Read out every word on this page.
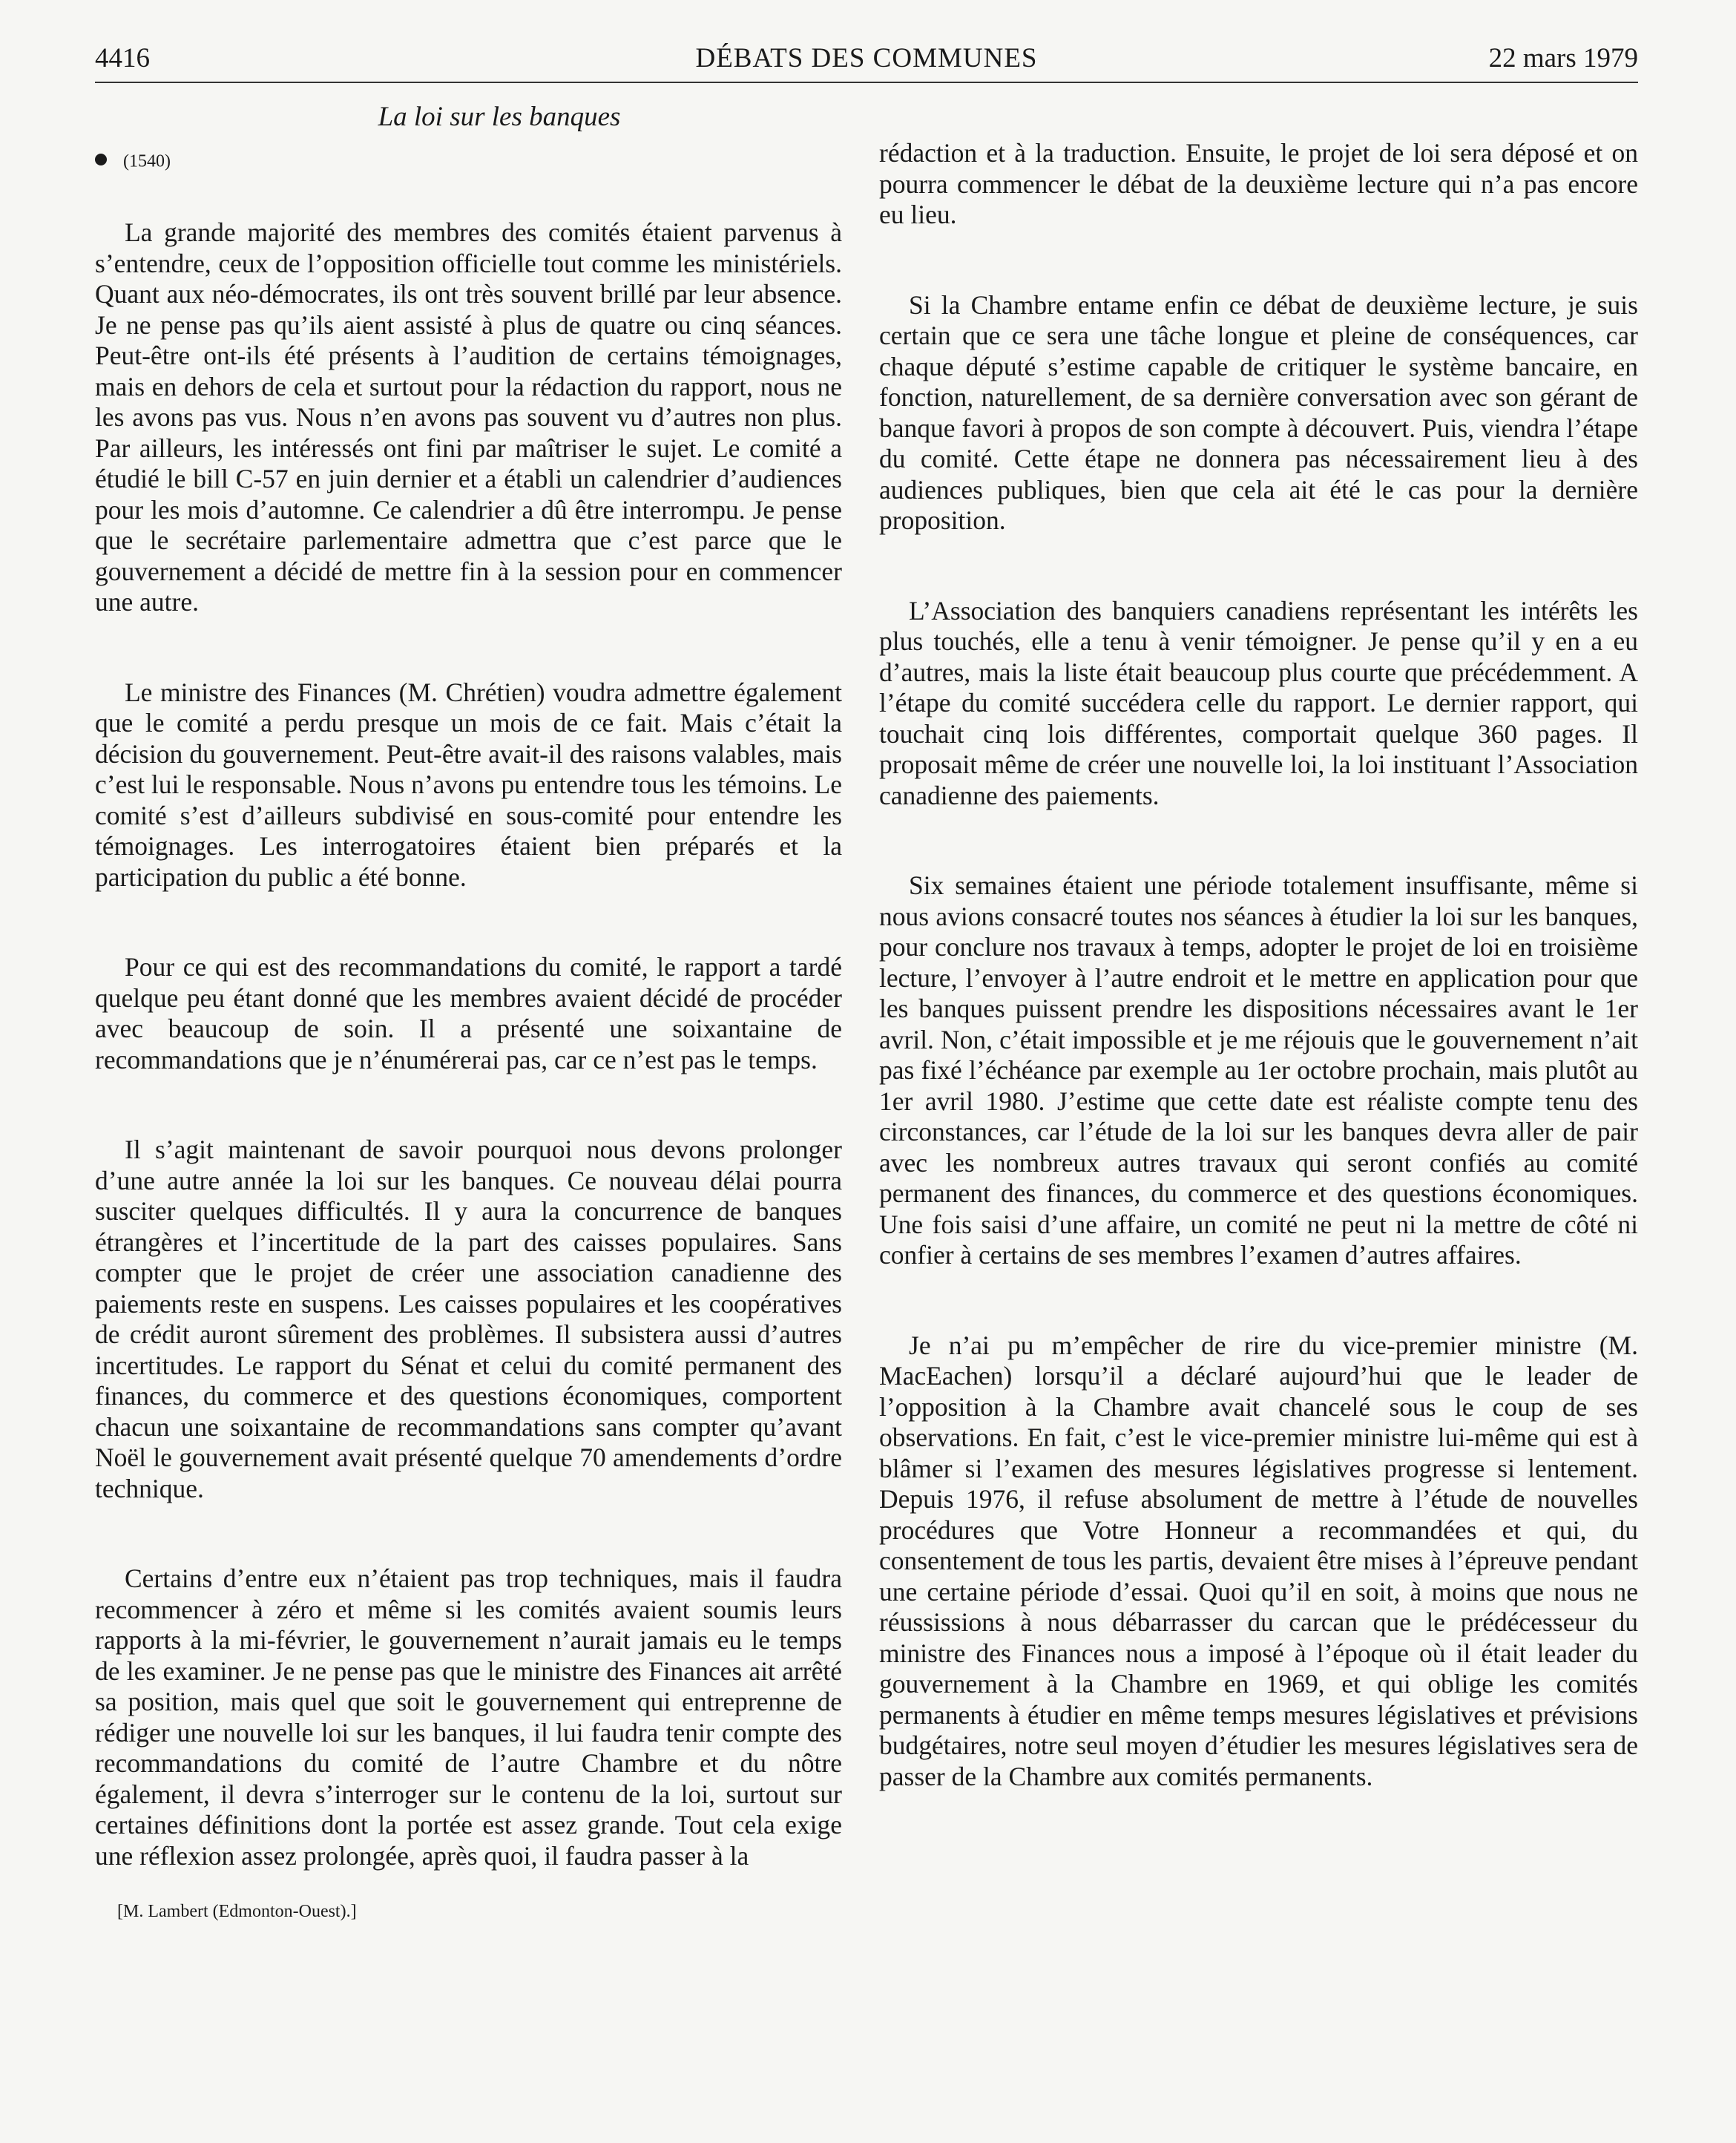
4416	DÉBATS DES COMMUNES	22 mars 1979
La loi sur les banques
(1540)

La grande majorité des membres des comités étaient parvenus à s’entendre, ceux de l’opposition officielle tout comme les ministériels. Quant aux néo-démocrates, ils ont très souvent brillé par leur absence. Je ne pense pas qu’ils aient assisté à plus de quatre ou cinq séances. Peut-être ont-ils été présents à l’audition de certains témoignages, mais en dehors de cela et surtout pour la rédaction du rapport, nous ne les avons pas vus. Nous n’en avons pas souvent vu d’autres non plus. Par ailleurs, les intéressés ont fini par maîtriser le sujet. Le comité a étudié le bill C-57 en juin dernier et a établi un calendrier d’audiences pour les mois d’automne. Ce calendrier a dû être interrompu. Je pense que le secrétaire parlementaire admettra que c’est parce que le gouvernement a décidé de mettre fin à la session pour en commencer une autre.

Le ministre des Finances (M. Chrétien) voudra admettre également que le comité a perdu presque un mois de ce fait. Mais c’était la décision du gouvernement. Peut-être avait-il des raisons valables, mais c’est lui le responsable. Nous n’avons pu entendre tous les témoins. Le comité s’est d’ailleurs subdivisé en sous-comité pour entendre les témoignages. Les interrogatoires étaient bien préparés et la participation du public a été bonne.

Pour ce qui est des recommandations du comité, le rapport a tardé quelque peu étant donné que les membres avaient décidé de procéder avec beaucoup de soin. Il a présenté une soixantaine de recommandations que je n’énumérerai pas, car ce n’est pas le temps.

Il s’agit maintenant de savoir pourquoi nous devons prolonger d’une autre année la loi sur les banques. Ce nouveau délai pourra susciter quelques difficultés. Il y aura la concurrence de banques étrangères et l’incertitude de la part des caisses populaires. Sans compter que le projet de créer une association canadienne des paiements reste en suspens. Les caisses populaires et les coopératives de crédit auront sûrement des problèmes. Il subsistera aussi d’autres incertitudes. Le rapport du Sénat et celui du comité permanent des finances, du commerce et des questions économiques, comportent chacun une soixantaine de recommandations sans compter qu’avant Noël le gouvernement avait présenté quelque 70 amendements d’ordre technique.

Certains d’entre eux n’étaient pas trop techniques, mais il faudra recommencer à zéro et même si les comités avaient soumis leurs rapports à la mi-février, le gouvernement n’aurait jamais eu le temps de les examiner. Je ne pense pas que le ministre des Finances ait arrêté sa position, mais quel que soit le gouvernement qui entreprenne de rédiger une nouvelle loi sur les banques, il lui faudra tenir compte des recommandations du comité de l’autre Chambre et du nôtre également, il devra s’interroger sur le contenu de la loi, surtout sur certaines définitions dont la portée est assez grande. Tout cela exige une réflexion assez prolongée, après quoi, il faudra passer à la

[M. Lambert (Edmonton-Ouest).]

rédaction et à la traduction. Ensuite, le projet de loi sera déposé et on pourra commencer le débat de la deuxième lecture qui n’a pas encore eu lieu.

Si la Chambre entame enfin ce débat de deuxième lecture, je suis certain que ce sera une tâche longue et pleine de conséquences, car chaque député s’estime capable de critiquer le système bancaire, en fonction, naturellement, de sa dernière conversation avec son gérant de banque favori à propos de son compte à découvert. Puis, viendra l’étape du comité. Cette étape ne donnera pas nécessairement lieu à des audiences publiques, bien que cela ait été le cas pour la dernière proposition.

L’Association des banquiers canadiens représentant les intérêts les plus touchés, elle a tenu à venir témoigner. Je pense qu’il y en a eu d’autres, mais la liste était beaucoup plus courte que précédemment. A l’étape du comité succédera celle du rapport. Le dernier rapport, qui touchait cinq lois différentes, comportait quelque 360 pages. Il proposait même de créer une nouvelle loi, la loi instituant l’Association canadienne des paiements.

Six semaines étaient une période totalement insuffisante, même si nous avions consacré toutes nos séances à étudier la loi sur les banques, pour conclure nos travaux à temps, adopter le projet de loi en troisième lecture, l’envoyer à l’autre endroit et le mettre en application pour que les banques puissent prendre les dispositions nécessaires avant le 1er avril. Non, c’était impossible et je me réjouis que le gouvernement n’ait pas fixé l’échéance par exemple au 1er octobre prochain, mais plutôt au 1er avril 1980. J’estime que cette date est réaliste compte tenu des circonstances, car l’étude de la loi sur les banques devra aller de pair avec les nombreux autres travaux qui seront confiés au comité permanent des finances, du commerce et des questions économiques. Une fois saisi d’une affaire, un comité ne peut ni la mettre de côté ni confier à certains de ses membres l’examen d’autres affaires.

Je n’ai pu m’empêcher de rire du vice-premier ministre (M. MacEachen) lorsqu’il a déclaré aujourd’hui que le leader de l’opposition à la Chambre avait chancelé sous le coup de ses observations. En fait, c’est le vice-premier ministre lui-même qui est à blâmer si l’examen des mesures législatives progresse si lentement. Depuis 1976, il refuse absolument de mettre à l’étude de nouvelles procédures que Votre Honneur a recommandées et qui, du consentement de tous les partis, devaient être mises à l’épreuve pendant une certaine période d’essai. Quoi qu’il en soit, à moins que nous ne réussissions à nous débarrasser du carcan que le prédécesseur du ministre des Finances nous a imposé à l’époque où il était leader du gouvernement à la Chambre en 1969, et qui oblige les comités permanents à étudier en même temps mesures législatives et prévisions budgétaires, notre seul moyen d’étudier les mesures législatives sera de passer de la Chambre aux comités permanents.
